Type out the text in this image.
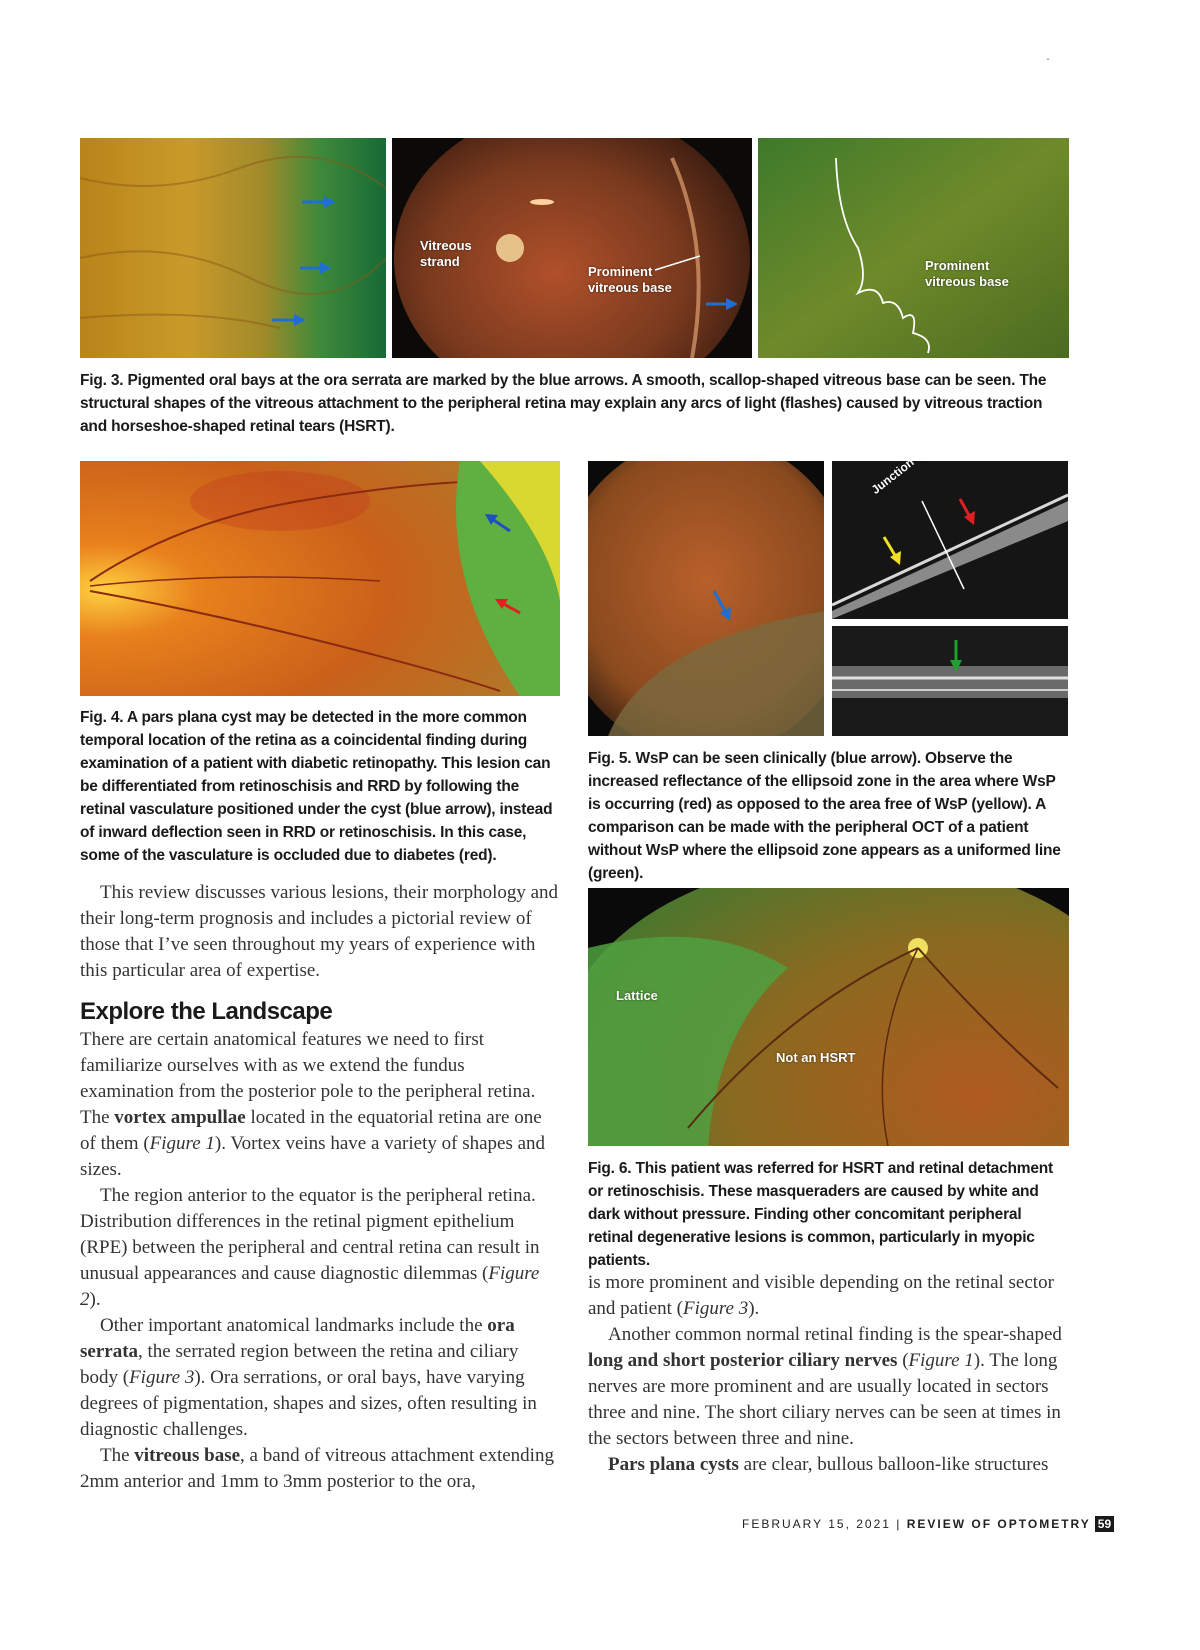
·
Vitreous
strand
Prominent
vitreous base
Prominent
vitreous base
Fig. 3. Pigmented oral bays at the ora serrata are marked by the blue arrows. A smooth, scallop-shaped vitreous base can be seen. The structural shapes of the vitreous attachment to the peripheral retina may explain any arcs of light (flashes) caused by vitreous traction and horseshoe-shaped retinal tears (HSRT).
Fig. 4. A pars plana cyst may be detected in the more common temporal location of the retina as a coincidental finding during examination of a patient with diabetic retinopathy. This lesion can be differentiated from retinoschisis and RRD by following the retinal vasculature positioned under the cyst (blue arrow), instead of inward deflection seen in RRD or retinoschisis. In this case, some of the vasculature is occluded due to diabetes (red).
Fig. 5. WsP can be seen clinically (blue arrow). Observe the increased reflectance of the ellipsoid zone in the area where WsP is occurring (red) as opposed to the area free of WsP (yellow). A comparison can be made with the peripheral OCT of a patient without WsP where the ellipsoid zone appears as a uniformed line (green).
Lattice
Not an HSRT
Fig. 6. This patient was referred for HSRT and retinal detachment or retinoschisis. These masqueraders are caused by white and dark without pressure. Finding other concomitant peripheral retinal degenerative lesions is common, particularly in myopic patients.

This review discusses various lesions, their morphology and their long-term prognosis and includes a pictorial review of those that I’ve seen throughout my years of experience with this particular area of expertise.

Explore the Landscape

There are certain anatomical features we need to first familiarize ourselves with as we extend the fundus examination from the posterior pole to the peripheral retina. The vortex ampullae located in the equatorial retina are one of them (Figure 1). Vortex veins have a variety of shapes and sizes.

The region anterior to the equator is the peripheral retina. Distribution differences in the retinal pigment epithelium (RPE) between the peripheral and central retina can result in unusual appearances and cause diagnostic dilemmas (Figure 2).

Other important anatomical landmarks include the ora serrata, the serrated region between the retina and ciliary body (Figure 3). Ora serrations, or oral bays, have varying degrees of pigmentation, shapes and sizes, often resulting in diagnostic challenges.

The vitreous base, a band of vitreous attachment extending 2mm anterior and 1mm to 3mm posterior to the ora,

is more prominent and visible depending on the retinal sector and patient (Figure 3).

Another common normal retinal finding is the spear-shaped long and short posterior ciliary nerves (Figure 1). The long nerves are more prominent and are usually located in sectors three and nine. The short ciliary nerves can be seen at times in the sectors between three and nine.

Pars plana cysts are clear, bullous balloon-like structures

FEBRUARY 15, 2021 | REVIEW OF OPTOMETRY 59
